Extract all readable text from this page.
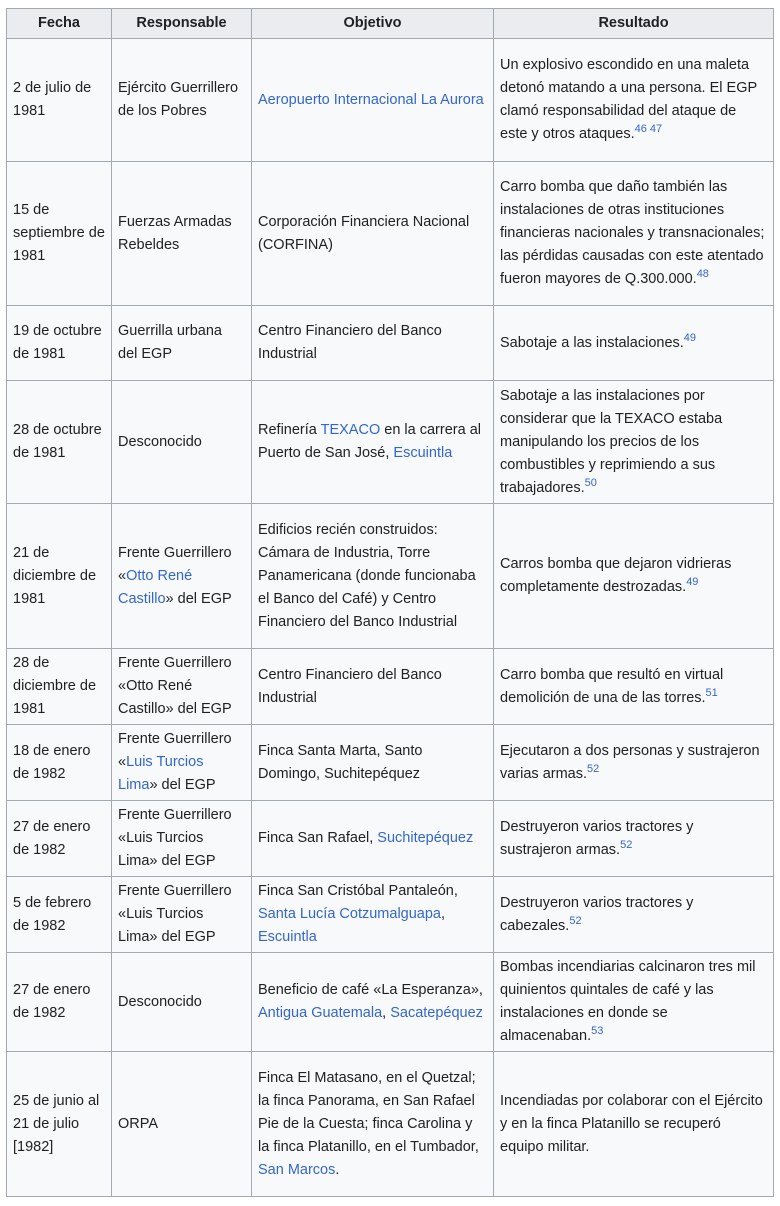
Fecha	Responsable	Objetivo	Resultado
2 de julio de 1981	Ejército Guerrillero de los Pobres	Aeropuerto Internacional La Aurora	Un explosivo escondido en una maleta detonó matando a una persona. El EGP clamó responsabilidad del ataque de este y otros ataques.$^{46 47}$
15 de septiembre de 1981	Fuerzas Armadas Rebeldes	Corporación Financiera Nacional (CORFINA)	Carro bomba que daño también las instalaciones de otras instituciones financieras nacionales y transnacionales; las pérdidas causadas con este atentado fueron mayores de Q.300.000.48
19 de octubre de 1981	Guerrilla urbana del EGP	Centro Financiero del Banco Industrial	Sabotaje a las instalaciones.$^{49}$
28 de octubre de 1981	Desconocido	Refinería TEXACO en la carrera al Puerto de San José, Escuintla	Sabotaje a las instalaciones por considerar que la TEXACO estaba manipulando los precios de los combustibles y reprimiendo a sus trabajadores.$^{50}$
21 de diciembre de 1981	Frente Guerrillero «Otto René Castillo» del EGP	Edificios recién construidos: Cámara de Industria, Torre Panamericana (donde funcionaba el Banco del Café) y Centro Financiero del Banco Industrial	Carros bomba que dejaron vidrieras completamente destrozadas.$^{49}$
28 de diciembre de 1981	Frente Guerrillero «Otto René Castillo» del EGP	Centro Financiero del Banco Industrial	Carro bomba que resultó en virtual demolición de una de las torres.$^{51}$
18 de enero de 1982	Frente Guerrillero «Luis Turcios Lima» del EGP	Finca Santa Marta, Santo Domingo, Suchitepéquez	Ejecutaron a dos personas y sustrajeron varias armas.$^{52}$
27 de enero de 1982	Frente Guerrillero «Luis Turcios Lima» del EGP	Finca San Rafael, Suchitepéquez	Destruyeron varios tractores y sustrajeron armas.$^{52}$
5 de febrero de 1982	Frente Guerrillero «Luis Turcios Lima» del EGP	Finca San Cristóbal Pantaleón, Santa Lucía Cotzumalguapa, Escuintla	Destruyeron varios tractores y cabezales.$^{52}$
27 de enero de 1982	Desconocido	Beneficio de café «La Esperanza», Antigua Guatemala, Sacatepéquez	Bombas incendiarias calcinaron tres mil quinientos quintales de café y las instalaciones en donde se almacenaban.$^{53}$
25 de junio al
21 de julio [1982]	ORPA	Finca El Matasano, en el Quetzal; la finca Panorama, en San Rafael Pie de la Cuesta; finca Carolina y la finca Platanillo, en el Tumbador, San Marcos.	Incendiadas por colaborar con el Ejército y en la finca Platanillo se recuperó equipo militar.
